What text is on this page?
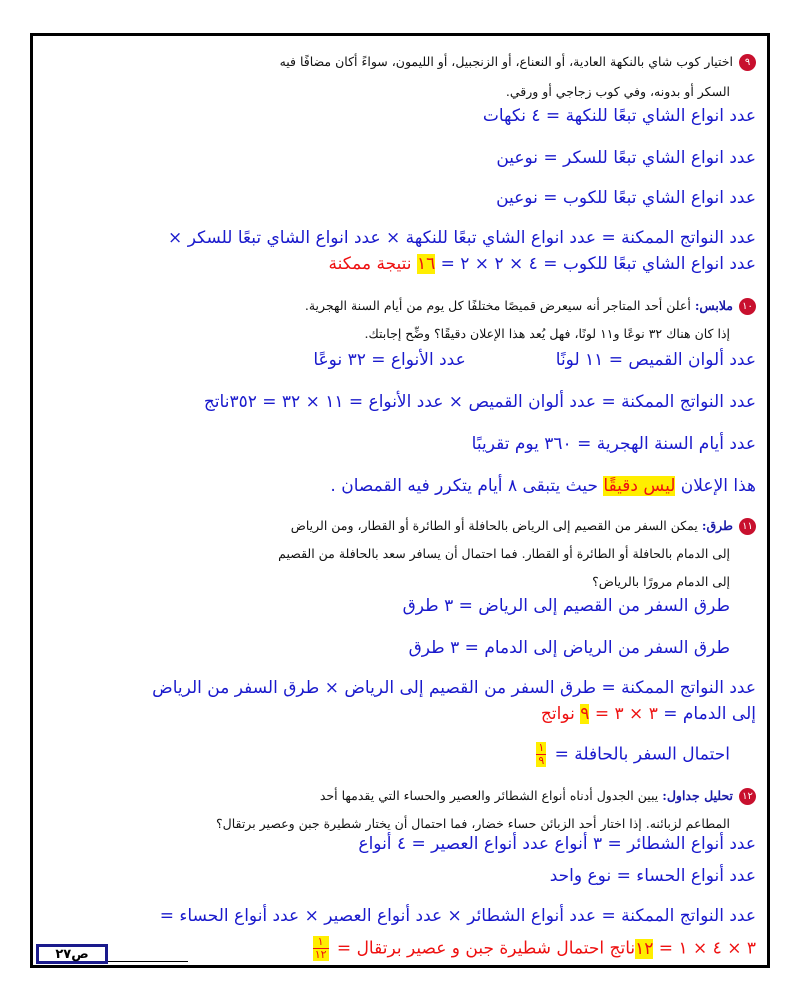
٩اختيار كوب شاي بالنكهة العادية، أو النعناع، أو الزنجبيل، أو الليمون، سواءً أكان مضافًا فيه
السكر أو بدونه، وفي كوب زجاجي أو ورقي.
عدد انواع الشاي تبعًا للنكهة = ٤ نكهات
عدد انواع الشاي تبعًا للسكر = نوعين
عدد انواع الشاي تبعًا للكوب = نوعين
عدد النواتج الممكنة = عدد انواع الشاي تبعًا للنكهة × عدد انواع الشاي تبعًا للسكر ×
عدد انواع الشاي تبعًا للكوب = ٤ × ٢ × ٢ = ١٦ نتيجة ممكنة
١٠ملابس: أعلن أحد المتاجر أنه سيعرض قميصًا مختلفًا كل يوم من أيام السنة الهجرية.
إذا كان هناك ٣٢ نوعًا و١١ لونًا، فهل يُعد هذا الإعلان دقيقًا؟ وضِّح إجابتك.
عدد ألوان القميص = ١١ لونًاعدد الأنواع = ٣٢ نوعًا
عدد النواتج الممكنة = عدد ألوان القميص × عدد الأنواع = ١١ × ٣٢ = ٣٥٢ناتج
عدد أيام السنة الهجرية = ٣٦٠ يوم تقريبًا
هذا الإعلان ليس دقيقًا حيث يتبقى ٨ أيام يتكرر فيه القمصان .
١١طرق: يمكن السفر من القصيم إلى الرياض بالحافلة أو الطائرة أو القطار، ومن الرياض
إلى الدمام بالحافلة أو الطائرة أو القطار. فما احتمال أن يسافر سعد بالحافلة من القصيم
إلى الدمام مرورًا بالرياض؟
طرق السفر من القصيم إلى الرياض = ٣ طرق
طرق السفر من الرياض إلى الدمام = ٣ طرق
عدد النواتج الممكنة = طرق السفر من القصيم إلى الرياض × طرق السفر من الرياض
إلى الدمام = ٣ × ٣ = ٩ نواتج
احتمال السفر بالحافلة =
$\frac{١}{٩}$
١٢تحليل جداول: يبين الجدول أدناه أنواع الشطائر والعصير والحساء التي يقدمها أحد
المطاعم لزبائنه. إذا اختار أحد الزبائن حساء خضار، فما احتمال أن يختار شطيرة جبن وعصير برتقال؟
عدد أنواع الشطائر = ٣ أنواع عدد أنواع العصير = ٤ أنواع
عدد أنواع الحساء = نوع واحد
عدد النواتج الممكنة = عدد أنواع الشطائر × عدد أنواع العصير × عدد أنواع الحساء =
٣ × ٤ × ١ = ١٢ناتج احتمال شطيرة جبن و عصير برتقال =
$\frac{١}{١٢}$
ص٢٧
